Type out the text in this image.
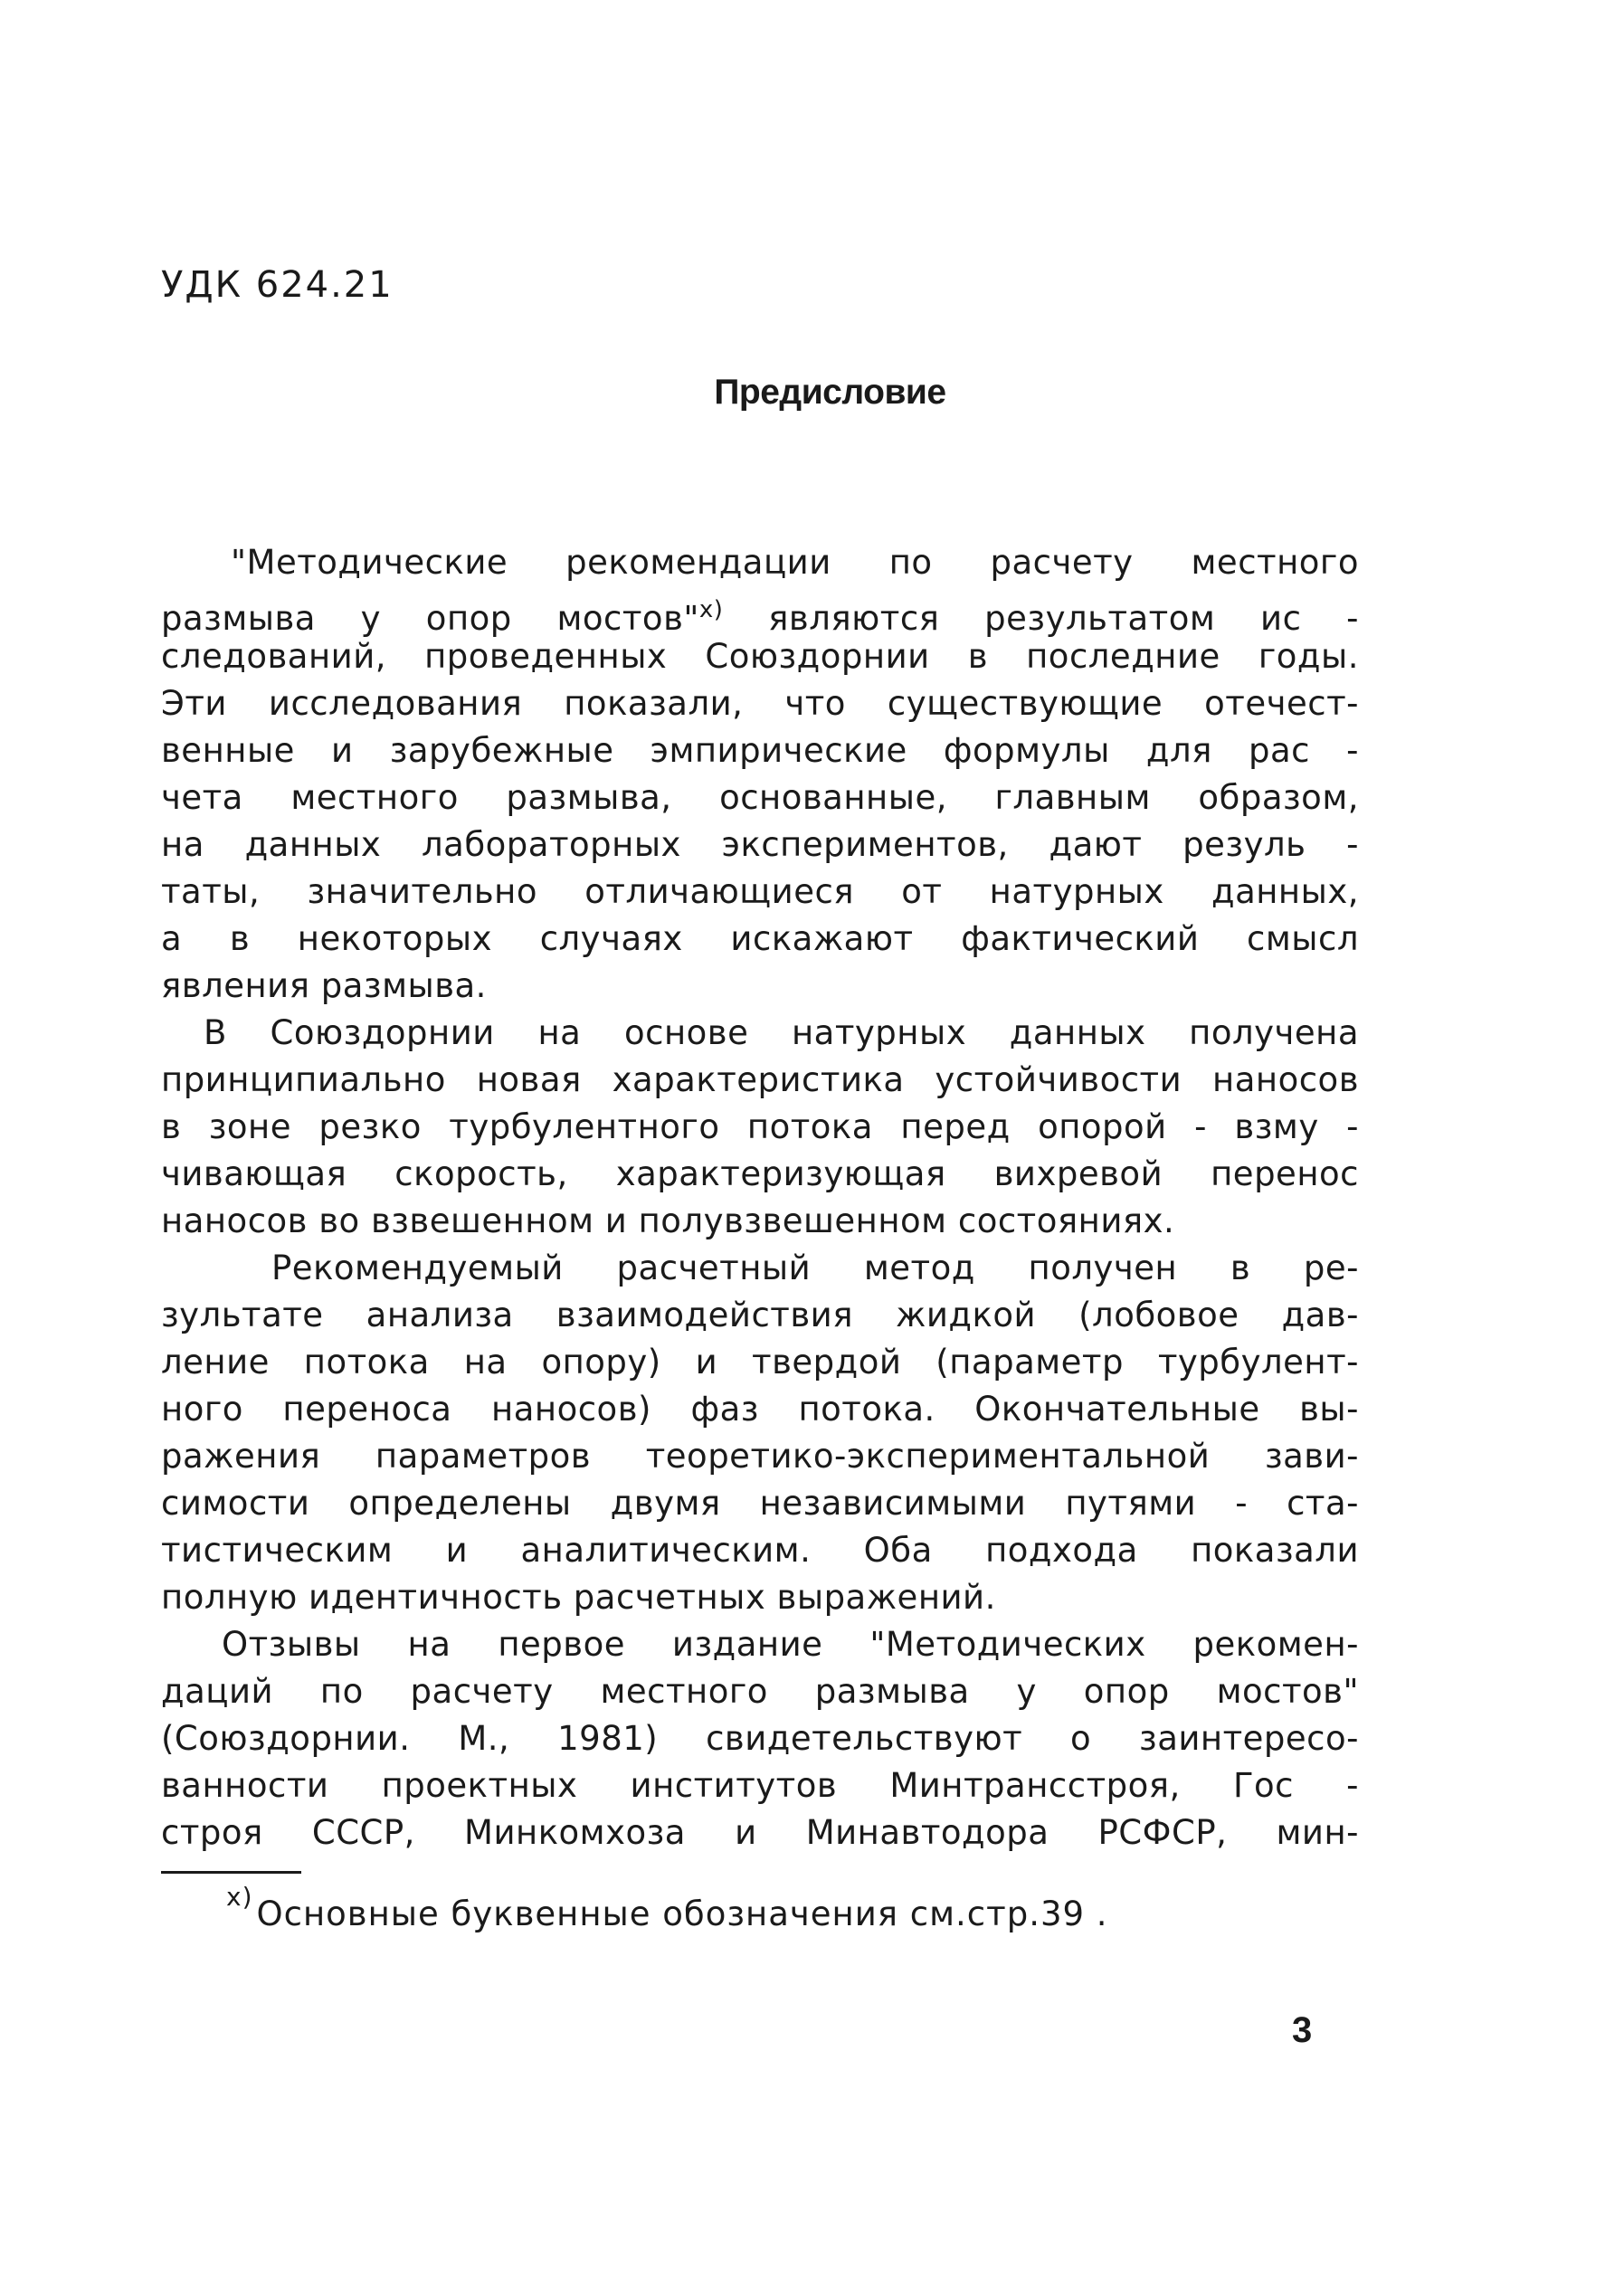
УДК 624.21
Предисловие
"Методические рекомендации по расчету местного
размыва у опор мостов"$^{х)}$ являются результатом ис -
следований, проведенных Союздорнии в последние годы.
Эти исследования показали, что существующие отечест-
венные и зарубежные эмпирические формулы для рас -
чета местного размыва, основанные, главным образом,
на данных лабораторных экспериментов, дают резуль -
таты, значительно отличающиеся от натурных данных,
а в некоторых случаях искажают фактический смысл
явления размыва.
В Союздорнии на основе натурных данных получена
принципиально новая характеристика устойчивости наносов
в зоне резко турбулентного потока перед опорой - взму -
чивающая скорость, характеризующая вихревой перенос
наносов во взвешенном и полувзвешенном состояниях.
Рекомендуемый расчетный метод получен в ре-
зультате анализа взаимодействия жидкой (лобовое дав-
ление потока на опору) и твердой (параметр турбулент-
ного переноса наносов) фаз потока. Окончательные вы-
ражения параметров теоретико-экспериментальной зави-
симости определены двумя независимыми путями - ста-
тистическим и аналитическим. Оба подхода показали
полную идентичность расчетных выражений.
Отзывы на первое издание "Методических рекомен-
даций по расчету местного размыва у опор мостов"
(Союздорнии. М., 1981) свидетельствуют о заинтересо-
ванности проектных институтов Минтрансстроя, Гос -
строя СССР, Минкомхоза и Минавтодора РСФСР, мин-
$^{х)}$ Основные буквенные обозначения см.стр.39 .
3
